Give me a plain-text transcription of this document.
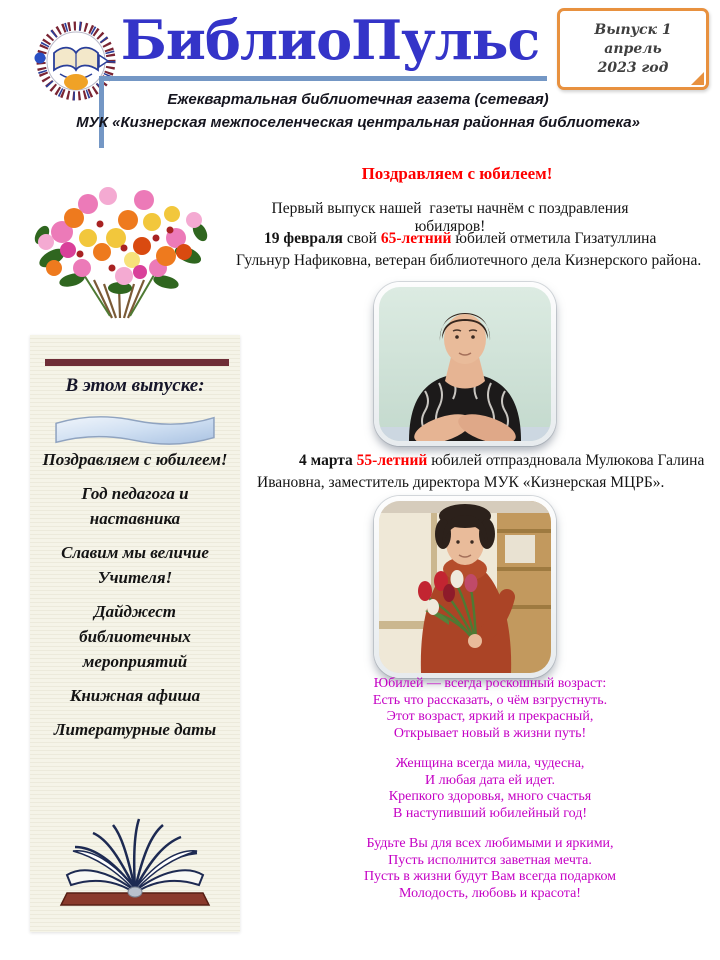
БиблиоПульс	Выпуск 1
апрель
2023 год
Ежеквартальная библиотечная газета (сетевая)
МУК «Кизнерская межпоселенческая центральная районная библиотека»
В этом выпуске:
Поздравляем с юбилеем!
Год педагога и наставника
Славим мы величие Учителя!
Дайджест библиотечных мероприятий
Книжная афиша
Литературные даты
Поздравляем с юбилеем!

Первый выпуск нашей  газеты начнём с поздравления юбиляров!

19 февраля свой 65-летний юбилей отметила Гизатуллина Гульнур Нафиковна, ветеран библиотечного дела Кизнерского района.

4 марта 55-летний юбилей отпраздновала Мулюкова Галина Ивановна, заместитель директора МУК «Кизнерская МЦРБ».

Юбилей — всегда роскошный возраст:
Есть что рассказать, о чём взгрустнуть.
Этот возраст, яркий и прекрасный,
Открывает новый в жизни путь!
Женщина всегда мила, чудесна,
И любая дата ей идет.
Крепкого здоровья, много счастья
В наступивший юбилейный год!
Будьте Вы для всех любимыми и яркими,
Пусть исполнится заветная мечта.
Пусть в жизни будут Вам всегда подарком
Молодость, любовь и красота!
